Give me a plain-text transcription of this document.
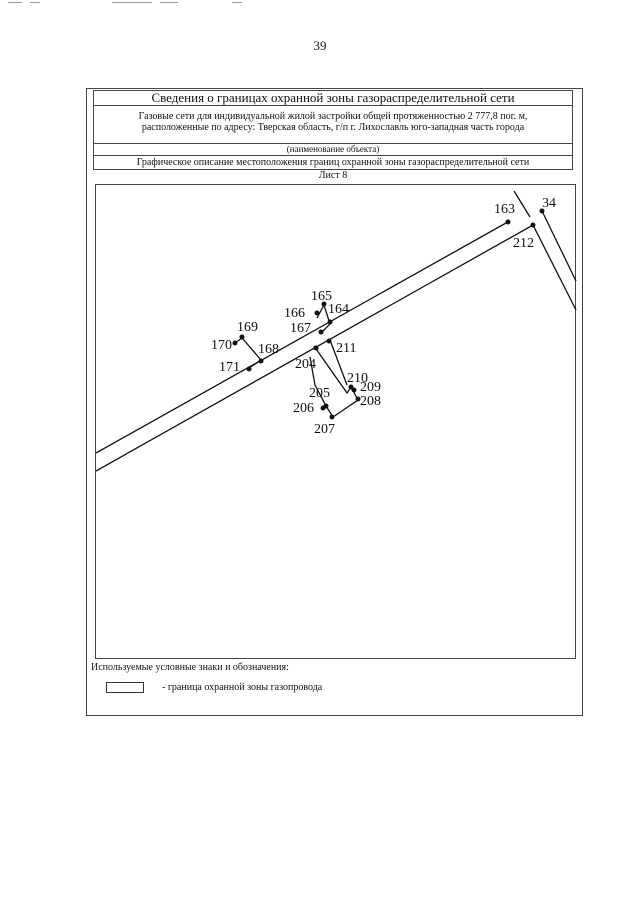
39
Сведения о границах охранной зоны газораспределительной сети
Газовые сети для индивидуальной жилой застройки общей протяженностью 2 777,8 пог. м,
расположенные по адресу: Тверская область, г/п г. Лихославль юго-западная часть города
(наименование объекта)
Графическое описание местоположения границ охранной зоны газораспределительной сети
Лист 8
163 34
212
165
166 164
167
169
170 168	211
171	204
210
209
205
208
206
207
Используемые условные знаки и обозначения:
- граница охранной зоны газопровода
